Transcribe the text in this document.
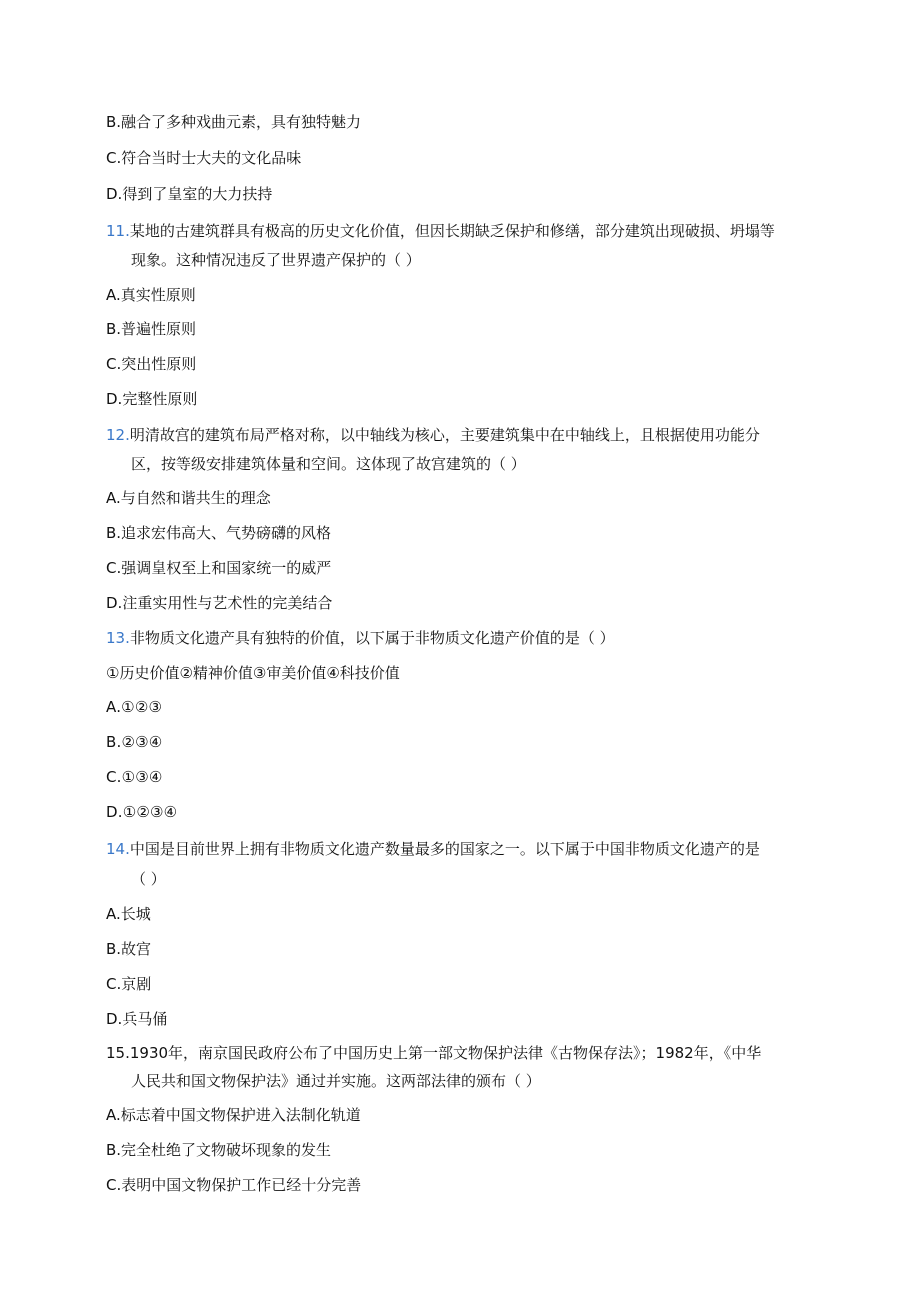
B.融合了多种戏曲元素，具有独特魅力

C.符合当时士大夫的文化品味

D.得到了皇室的大力扶持

11.某地的古建筑群具有极高的历史文化价值，但因长期缺乏保护和修缮，部分建筑出现破损、坍塌等

现象。这种情况违反了世界遗产保护的（ ）

A.真实性原则

B.普遍性原则

C.突出性原则

D.完整性原则

12.明清故宫的建筑布局严格对称，以中轴线为核心，主要建筑集中在中轴线上，且根据使用功能分

区，按等级安排建筑体量和空间。这体现了故宫建筑的（ ）

A.与自然和谐共生的理念

B.追求宏伟高大、气势磅礴的风格

C.强调皇权至上和国家统一的威严

D.注重实用性与艺术性的完美结合

13.非物质文化遗产具有独特的价值，以下属于非物质文化遗产价值的是（ ）

①历史价值②精神价值③审美价值④科技价值

A.①②③

B.②③④

C.①③④

D.①②③④

14.中国是目前世界上拥有非物质文化遗产数量最多的国家之一。以下属于中国非物质文化遗产的是

（ ）

A.长城

B.故宫

C.京剧

D.兵马俑

15.1930年，南京国民政府公布了中国历史上第一部文物保护法律《古物保存法》；1982年，《中华

人民共和国文物保护法》通过并实施。这两部法律的颁布（ ）

A.标志着中国文物保护进入法制化轨道

B.完全杜绝了文物破坏现象的发生

C.表明中国文物保护工作已经十分完善
